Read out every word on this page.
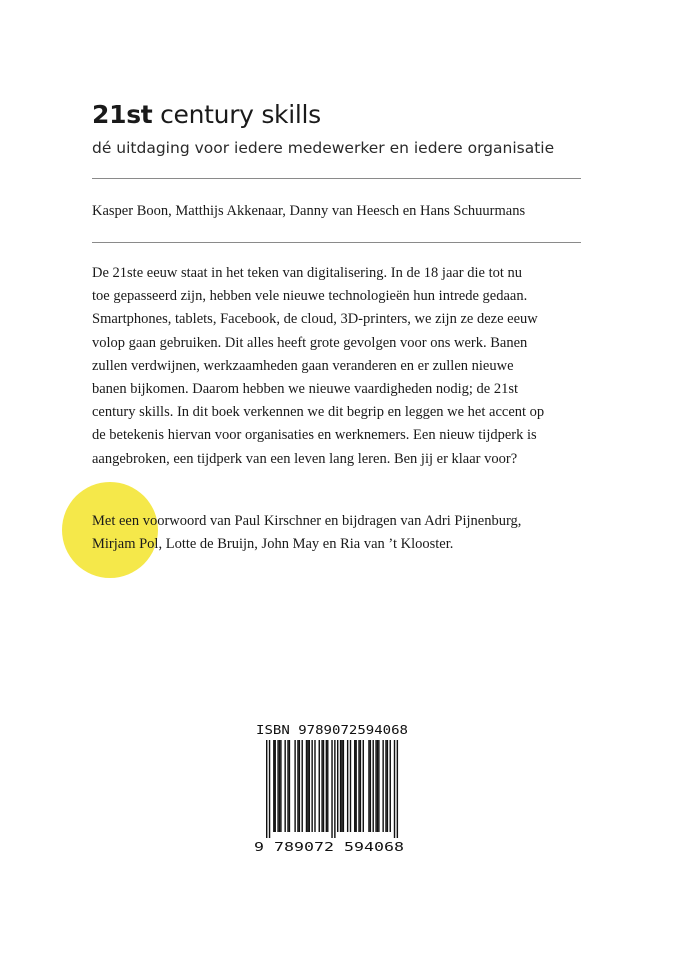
21st century skills

dé uitdaging voor iedere medewerker en iedere organisatie

Kasper Boon, Matthijs Akkenaar, Danny van Heesch en Hans Schuurmans

De 21ste eeuw staat in het teken van digitalisering. In de 18 jaar die tot nu
toe gepasseerd zijn, hebben vele nieuwe technologieën hun intrede gedaan.
Smartphones, tablets, Facebook, de cloud, 3D-printers, we zijn ze deze eeuw
volop gaan gebruiken. Dit alles heeft grote gevolgen voor ons werk. Banen
zullen verdwijnen, werkzaamheden gaan veranderen en er zullen nieuwe
banen bijkomen. Daarom hebben we nieuwe vaardigheden nodig; de 21st
century skills. In dit boek verkennen we dit begrip en leggen we het accent op
de betekenis hiervan voor organisaties en werknemers. Een nieuw tijdperk is
aangebroken, een tijdperk van een leven lang leren. Ben jij er klaar voor?

Met een voorwoord van Paul Kirschner en bijdragen van Adri Pijnenburg,
Mirjam Pol, Lotte de Bruijn, John May en Ria van ’t Klooster.

ISBN 9789072594068
9 789072 594068
